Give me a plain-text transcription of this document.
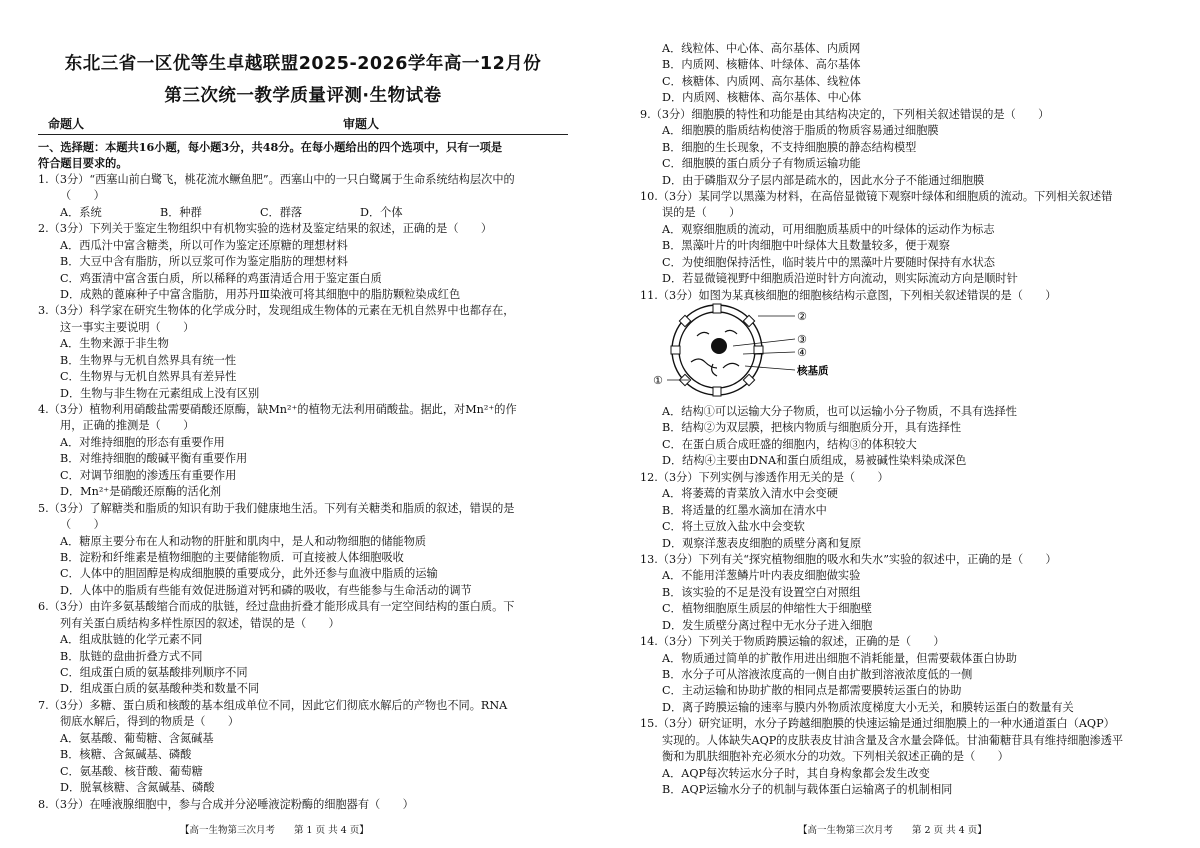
东北三省一区优等生卓越联盟2025-2026学年高一12月份
第三次统一教学质量评测·生物试卷
命题人	审题人
一、选择题：本题共16小题，每小题3分，共48分。在每小题给出的四个选项中，只有一项是
符合题目要求的。
1.（3分）“西塞山前白鹭飞，桃花流水鳜鱼肥”。西塞山中的一只白鹭属于生命系统结构层次中的
（　　）
A．系统	B．种群	C．群落	D．个体
2.（3分）下列关于鉴定生物组织中有机物实验的选材及鉴定结果的叙述，正确的是（　　）
A．西瓜汁中富含糖类，所以可作为鉴定还原糖的理想材料
B．大豆中含有脂肪，所以豆浆可作为鉴定脂肪的理想材料
C．鸡蛋清中富含蛋白质，所以稀释的鸡蛋清适合用于鉴定蛋白质
D．成熟的蓖麻种子中富含脂肪，用苏丹Ⅲ染液可将其细胞中的脂肪颗粒染成红色
3.（3分）科学家在研究生物体的化学成分时，发现组成生物体的元素在无机自然界中也都存在，
这一事实主要说明（　　）
A．生物来源于非生物
B．生物界与无机自然界具有统一性
C．生物界与无机自然界具有差异性
D．生物与非生物在元素组成上没有区别
4.（3分）植物利用硝酸盐需要硝酸还原酶，缺Mn²⁺的植物无法利用硝酸盐。据此，对Mn²⁺的作
用，正确的推测是（　　）
A．对维持细胞的形态有重要作用
B．对维持细胞的酸碱平衡有重要作用
C．对调节细胞的渗透压有重要作用
D．Mn²⁺是硝酸还原酶的活化剂
5.（3分）了解糖类和脂质的知识有助于我们健康地生活。下列有关糖类和脂质的叙述，错误的是
（　　）
A．糖原主要分布在人和动物的肝脏和肌肉中，是人和动物细胞的储能物质
B．淀粉和纤维素是植物细胞的主要储能物质．可直接被人体细胞吸收
C．人体中的胆固醇是构成细胞膜的重要成分，此外还参与血液中脂质的运输
D．人体中的脂质有些能有效促进肠道对钙和磷的吸收，有些能参与生命活动的调节
6.（3分）由许多氨基酸缩合而成的肽链，经过盘曲折叠才能形成具有一定空间结构的蛋白质。下
列有关蛋白质结构多样性原因的叙述，错误的是（　　）
A．组成肽链的化学元素不同
B．肽链的盘曲折叠方式不同
C．组成蛋白质的氨基酸排列顺序不同
D．组成蛋白质的氨基酸种类和数量不同
7.（3分）多糖、蛋白质和核酸的基本组成单位不同，因此它们彻底水解后的产物也不同。RNA
彻底水解后，得到的物质是（　　）
A．氨基酸、葡萄糖、含氮碱基
B．核糖、含氮碱基、磷酸
C．氨基酸、核苷酸、葡萄糖
D．脱氧核糖、含氮碱基、磷酸
8.（3分）在唾液腺细胞中，参与合成并分泌唾液淀粉酶的细胞器有（　　）
【高一生物第三次月考　　第 1 页 共 4 页】
A．线粒体、中心体、高尔基体、内质网
B．内质网、核糖体、叶绿体、高尔基体
C．核糖体、内质网、高尔基体、线粒体
D．内质网、核糖体、高尔基体、中心体
9.（3分）细胞膜的特性和功能是由其结构决定的，下列相关叙述错误的是（　　）
A．细胞膜的脂质结构使溶于脂质的物质容易通过细胞膜
B．细胞的生长现象，不支持细胞膜的静态结构模型
C．细胞膜的蛋白质分子有物质运输功能
D．由于磷脂双分子层内部是疏水的，因此水分子不能通过细胞膜
10.（3分）某同学以黑藻为材料，在高倍显微镜下观察叶绿体和细胞质的流动。下列相关叙述错
误的是（　　）
A．观察细胞质的流动，可用细胞质基质中的叶绿体的运动作为标志
B．黑藻叶片的叶肉细胞中叶绿体大且数量较多，便于观察
C．为使细胞保持活性，临时装片中的黑藻叶片要随时保持有水状态
D．若显微镜视野中细胞质沿逆时针方向流动，则实际流动方向是顺时针
11.（3分）如图为某真核细胞的细胞核结构示意图，下列相关叙述错误的是（　　）
②
③
④
①
核基质
A．结构①可以运输大分子物质，也可以运输小分子物质，不具有选择性
B．结构②为双层膜，把核内物质与细胞质分开，具有选择性
C．在蛋白质合成旺盛的细胞内，结构③的体积较大
D．结构④主要由DNA和蛋白质组成，易被碱性染料染成深色
12.（3分）下列实例与渗透作用无关的是（　　）
A．将萎蔫的青菜放入清水中会变硬
B．将适量的红墨水滴加在清水中
C．将土豆放入盐水中会变软
D．观察洋葱表皮细胞的质壁分离和复原
13.（3分）下列有关“探究植物细胞的吸水和失水”实验的叙述中，正确的是（　　）
A．不能用洋葱鳞片叶内表皮细胞做实验
B．该实验的不足是没有设置空白对照组
C．植物细胞原生质层的伸缩性大于细胞壁
D．发生质壁分离过程中无水分子进入细胞
14.（3分）下列关于物质跨膜运输的叙述，正确的是（　　）
A．物质通过简单的扩散作用进出细胞不消耗能量，但需要载体蛋白协助
B．水分子可从溶液浓度高的一侧自由扩散到溶液浓度低的一侧
C．主动运输和协助扩散的相同点是都需要膜转运蛋白的协助
D．离子跨膜运输的速率与膜内外物质浓度梯度大小无关，和膜转运蛋白的数量有关
15.（3分）研究证明，水分子跨越细胞膜的快速运输是通过细胞膜上的一种水通道蛋白（AQP）
实现的。人体缺失AQP的皮肤表皮甘油含量及含水量会降低。甘油葡糖苷具有维持细胞渗透平
衡和为肌肤细胞补充必须水分的功效。下列相关叙述正确的是（　　）
A．AQP每次转运水分子时，其自身构象都会发生改变
B．AQP运输水分子的机制与载体蛋白运输离子的机制相同
【高一生物第三次月考　　第 2 页 共 4 页】
